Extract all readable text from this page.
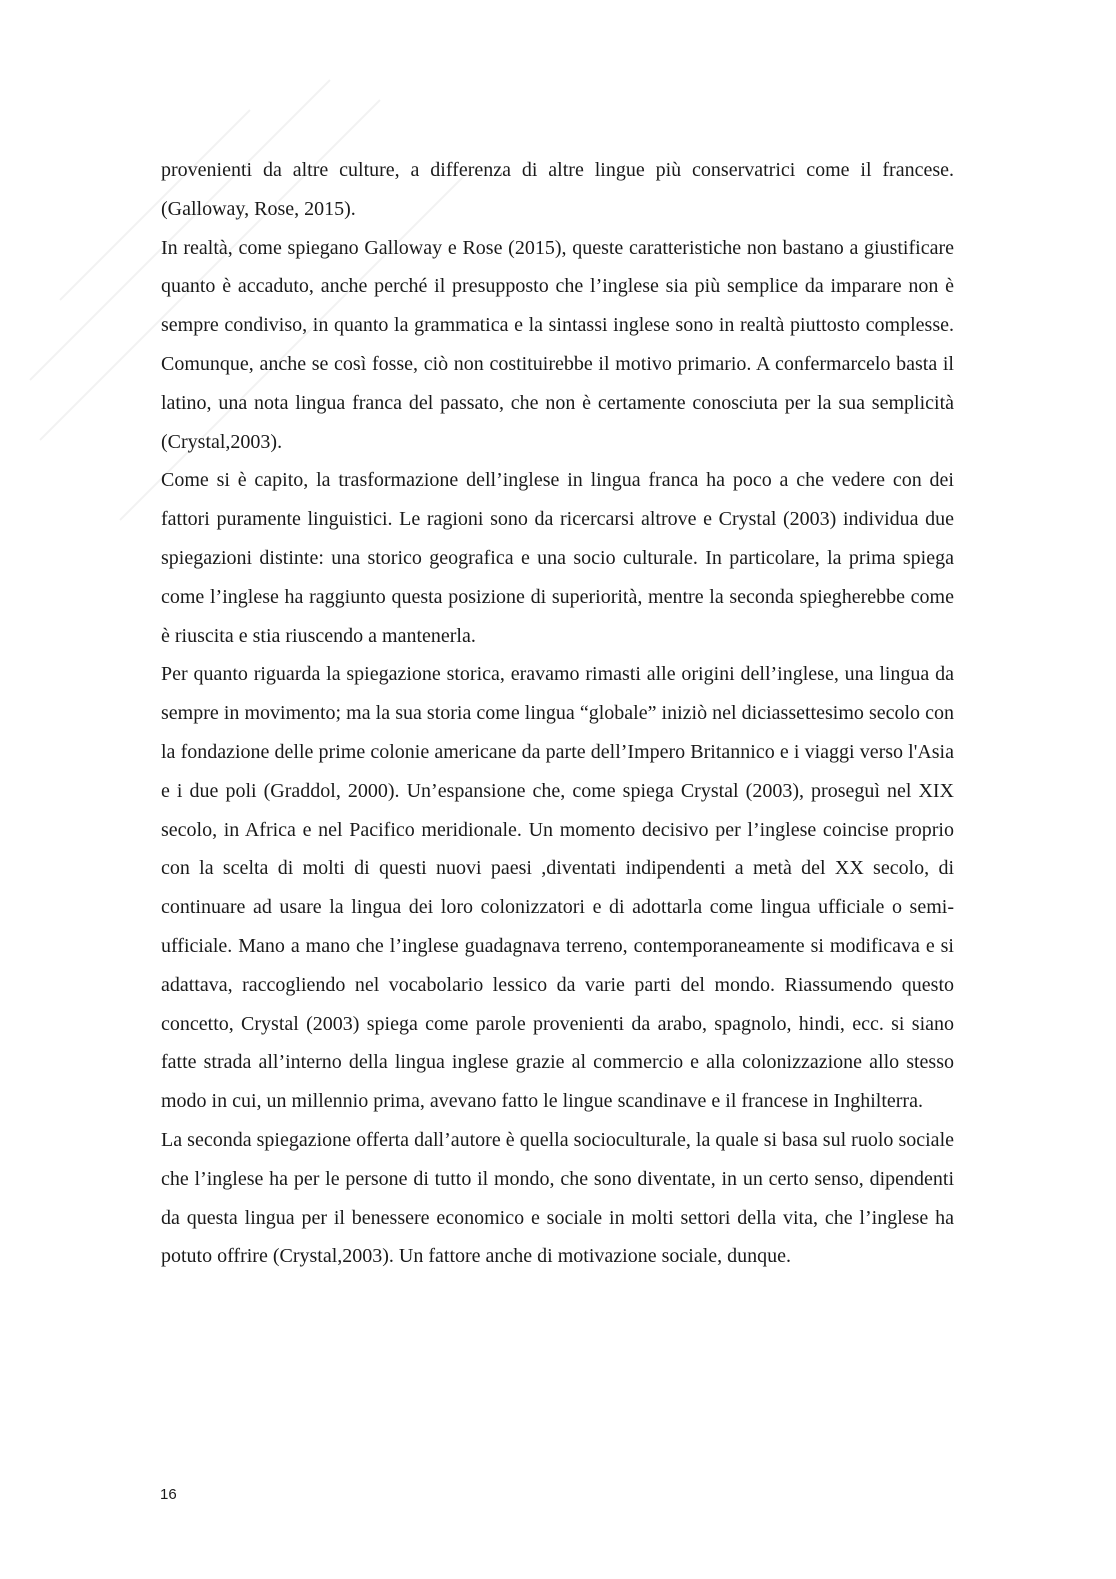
provenienti da altre culture, a differenza di altre lingue più conservatrici come il francese. (Galloway, Rose, 2015).

In realtà, come spiegano Galloway e Rose (2015), queste caratteristiche non bastano a giustificare quanto è accaduto, anche perché il presupposto che l’inglese sia più semplice da imparare non è sempre condiviso, in quanto la grammatica e la sintassi inglese sono in realtà piuttosto complesse. Comunque, anche se così fosse, ciò non costituirebbe il motivo primario. A confermarcelo basta il latino, una nota lingua franca del passato, che non è certamente conosciuta per la sua semplicità (Crystal,2003).

Come si è capito, la trasformazione dell’inglese in lingua franca ha poco a che vedere con dei fattori puramente linguistici. Le ragioni sono da ricercarsi altrove e Crystal (2003) individua due spiegazioni distinte: una storico geografica e una socio culturale. In particolare, la prima spiega come l’inglese ha raggiunto questa posizione di superiorità, mentre la seconda spiegherebbe come è riuscita e stia riuscendo a mantenerla.

Per quanto riguarda la spiegazione storica, eravamo rimasti alle origini dell’inglese, una lingua da sempre in movimento; ma la sua storia come lingua “globale” iniziò nel diciassettesimo secolo con la fondazione delle prime colonie americane da parte dell’Impero Britannico e i viaggi verso l'Asia e i due poli (Graddol, 2000). Un’espansione che, come spiega Crystal (2003), proseguì nel XIX secolo, in Africa e nel Pacifico meridionale. Un momento decisivo per l’inglese coincise proprio con la scelta di molti di questi nuovi paesi ,diventati indipendenti a metà del XX secolo, di continuare ad usare la lingua dei loro colonizzatori e di adottarla come lingua ufficiale o semi-ufficiale. Mano a mano che l’inglese guadagnava terreno, contemporaneamente si modificava e si adattava, raccogliendo nel vocabolario lessico da varie parti del mondo. Riassumendo questo concetto, Crystal (2003) spiega come parole provenienti da arabo, spagnolo, hindi, ecc. si siano fatte strada all’interno della lingua inglese grazie al commercio e alla colonizzazione allo stesso modo in cui, un millennio prima, avevano fatto le lingue scandinave e il francese in Inghilterra.

La seconda spiegazione offerta dall’autore è quella socioculturale, la quale si basa sul ruolo sociale che l’inglese ha per le persone di tutto il mondo, che sono diventate, in un certo senso, dipendenti da questa lingua per il benessere economico e sociale in molti settori della vita, che l’inglese ha potuto offrire (Crystal,2003). Un fattore anche di motivazione sociale, dunque.

16
